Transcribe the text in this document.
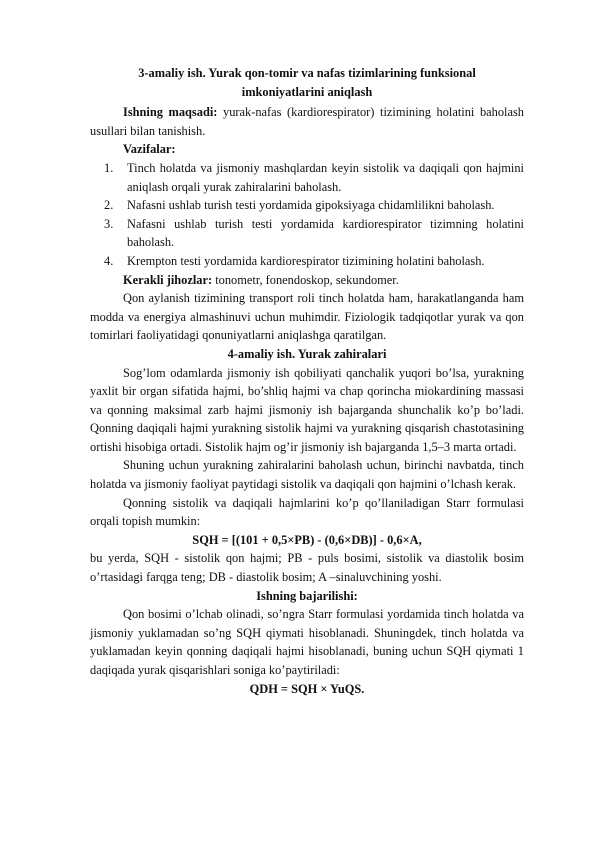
3-amaliy ish. Yurak qon-tomir va nafas tizimlarining funksional
imkoniyatlarini aniqlash
Ishning maqsadi: yurak-nafas (kardiorespirator) tizimining holatini baholash usullari bilan tanishish.
Vazifalar:
1. Tinch holatda va jismoniy mashqlardan keyin sistolik va daqiqali qon hajmini aniqlash orqali yurak zahiralarini baholash.
2. Nafasni ushlab turish testi yordamida gipoksiyaga chidamlilikni baholash.
3. Nafasni ushlab turish testi yordamida kardiorespirator tizimning holatini baholash.
4. Krempton testi yordamida kardiorespirator tizimining holatini baholash.
Kerakli jihozlar: tonometr, fonendoskop, sekundomer.
Qon aylanish tizimining transport roli tinch holatda ham, harakatlanganda ham modda va energiya almashinuvi uchun muhimdir. Fiziologik tadqiqotlar yurak va qon tomirlari faoliyatidagi qonuniyatlarni aniqlashga qaratilgan.
4-amaliy ish. Yurak zahiralari
Sog’lom odamlarda jismoniy ish qobiliyati qanchalik yuqori bo’lsa, yurakning yaxlit bir organ sifatida hajmi, bo’shliq hajmi va chap qorincha miokardining massasi va qonning maksimal zarb hajmi jismoniy ish bajarganda shunchalik ko’p bo’ladi. Qonning daqiqali hajmi yurakning sistolik hajmi va yurakning qisqarish chastotasining ortishi hisobiga ortadi. Sistolik hajm og’ir jismoniy ish bajarganda 1,5–3 marta ortadi.
Shuning uchun yurakning zahiralarini baholash uchun, birinchi navbatda, tinch holatda va jismoniy faoliyat paytidagi sistolik va daqiqali qon hajmini o’lchash kerak.
Qonning sistolik va daqiqali hajmlarini ko’p qo’llaniladigan Starr formulasi orqali topish mumkin:
SQH = [(101 + 0,5×PB) - (0,6×DB)] - 0,6×A,
bu yerda, SQH - sistolik qon hajmi; PB - puls bosimi, sistolik va diastolik bosim o’rtasidagi farqga teng; DB - diastolik bosim; A –sinaluvchining yoshi.
Ishning bajarilishi:
Qon bosimi o’lchab olinadi, so’ngra Starr formulasi yordamida tinch holatda va jismoniy yuklamadan so’ng SQH qiymati hisoblanadi. Shuningdek, tinch holatda va yuklamadan keyin qonning daqiqali hajmi hisoblanadi, buning uchun SQH qiymati 1 daqiqada yurak qisqarishlari soniga ko’paytiriladi:
QDH = SQH × YuQS.
